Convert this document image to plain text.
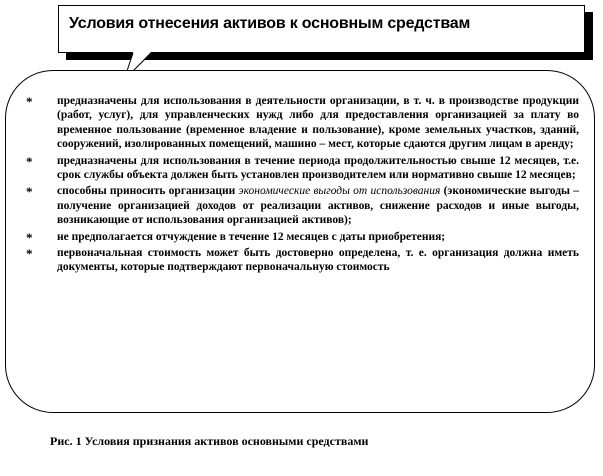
Условия отнесения активов к основным средствам
* предназначены для использования в деятельности организации, в т. ч. в производстве продукции (работ, услуг), для управленческих нужд либо для предоставления организацией за плату во временное пользование (временное владение и пользование), кроме земельных участков, зданий, сооружений, изолированных помещений, машино – мест, которые сдаются другим лицам в аренду;
* предназначены для использования в течение периода продолжительностью свыше 12 месяцев, т.е. срок службы объекта должен быть установлен производителем или нормативно свыше 12 месяцев;
* способны приносить организации экономические выгоды от использования (экономические выгоды – получение организацией доходов от реализации активов, снижение расходов и иные выгоды, возникающие от использования организацией активов);
* не предполагается отчуждение в течение 12 месяцев с даты приобретения;
* первоначальная стоимость может быть достоверно определена, т. е. организация должна иметь документы, которые подтверждают первоначальную стоимость
Рис. 1 Условия признания активов основными средствами
